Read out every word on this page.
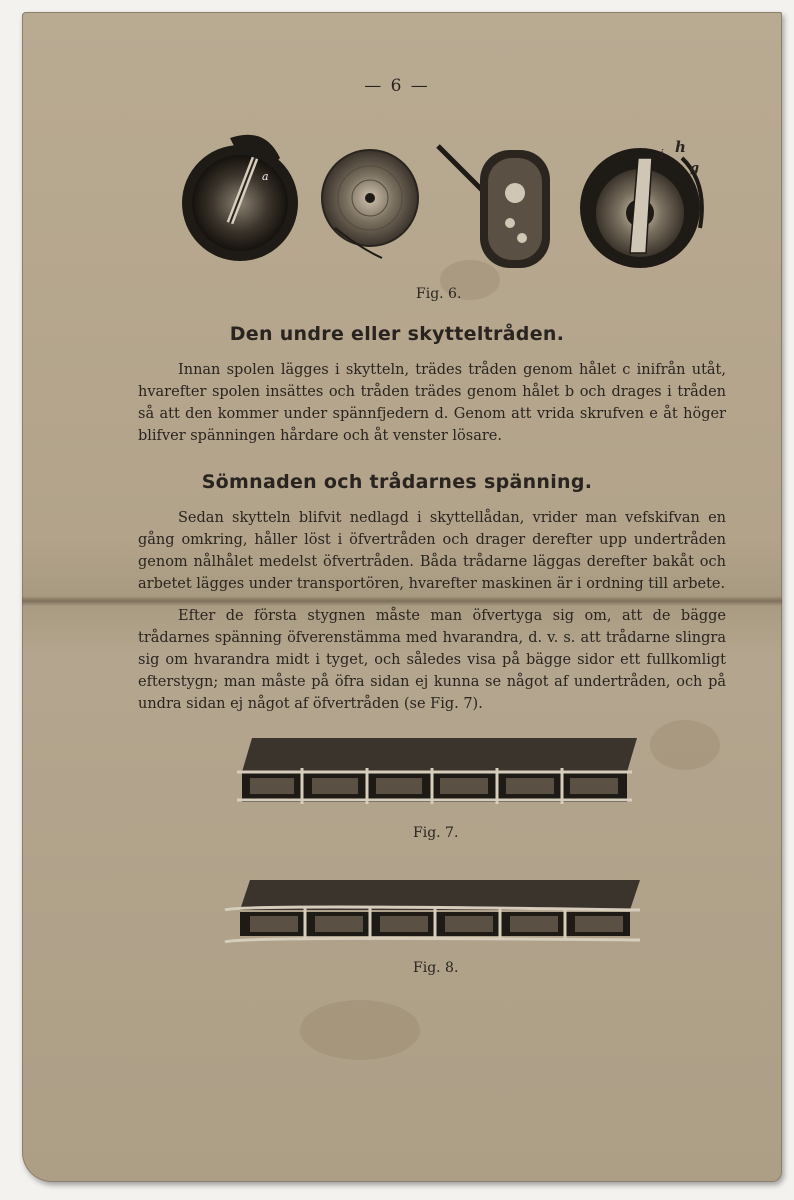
— 6 —
a
h
g
i
Fig. 6.
Den undre eller skytteltråden.

Innan spolen lägges i skytteln, trädes tråden genom hålet c inifrån utåt, hvarefter spolen insättes och tråden trädes genom hålet b och drages i tråden så att den kommer under spännfjedern d. Genom att vrida skrufven e åt höger blifver spänningen hårdare och åt venster lösare.

Sömnaden och trådarnes spänning.

Sedan skytteln blifvit nedlagd i skyttellådan, vrider man vefskifvan en gång omkring, håller löst i öfvertråden och drager derefter upp undertråden genom nålhålet medelst öfvertråden. Båda trådarne läggas derefter bakåt och arbetet lägges under transportören, hvarefter maskinen är i ordning till arbete.

Efter de första stygnen måste man öfvertyga sig om, att de bägge trådarnes spänning öfverenstämma med hvarandra, d. v. s. att trådarne slingra sig om hvarandra midt i tyget, och således visa på bägge sidor ett fullkomligt efterstygn; man måste på öfra sidan ej kunna se något af undertråden, och på undra sidan ej något af öfvertråden (se Fig. 7).

Fig. 7.
Fig. 8.
